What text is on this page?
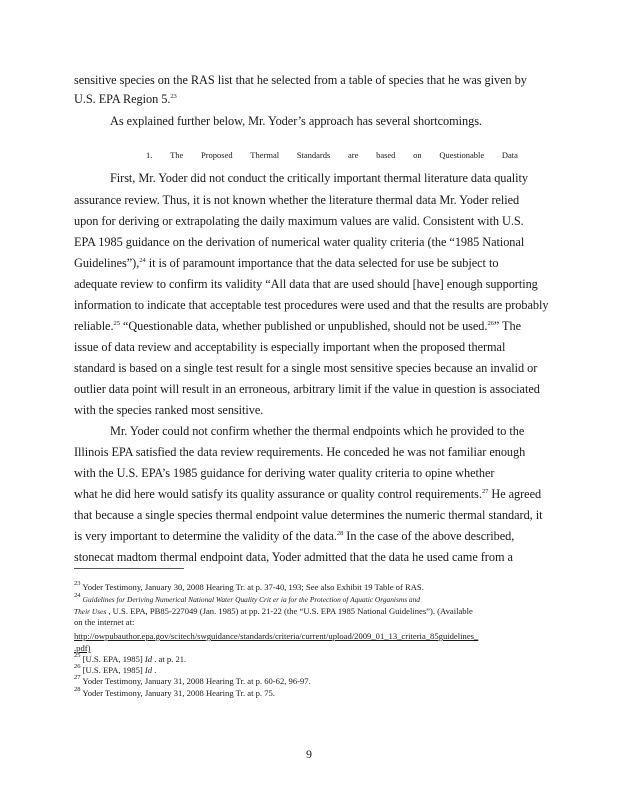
sensitive species on the RAS list that he selected from a table of species that he was given by
U.S. EPA Region 5.23
As explained further below, Mr. Yoder’s approach has several shortcomings.
1. The Proposed Thermal Standards are based on Questionable Data
First, Mr. Yoder did not conduct the critically important thermal literature data quality
assurance review. Thus, it is not known whether the literature thermal data Mr. Yoder relied
upon for deriving or extrapolating the daily maximum values are valid. Consistent with U.S.
EPA 1985 guidance on the derivation of numerical water quality criteria (the “1985 National
Guidelines”),$^{24}$ it is of paramount importance that the data selected for use be subject to
adequate review to confirm its validity “All data that are used should [have] enough supporting
information to indicate that acceptable test procedures were used and that the results are probably
reliable.$^{25}$ “Questionable data, whether published or unpublished, should not be used.$^{26}$” The
issue of data review and acceptability is especially important when the proposed thermal
standard is based on a single test result for a single most sensitive species because an invalid or
outlier data point will result in an erroneous, arbitrary limit if the value in question is associated
with the species ranked most sensitive.
Mr. Yoder could not confirm whether the thermal endpoints which he provided to the
Illinois EPA satisfied the data review requirements. He conceded he was not familiar enough
with the U.S. EPA’s 1985 guidance for deriving water quality criteria to opine whether
what he did here would satisfy its quality assurance or quality control requirements.$^{27}$ He agreed
that because a single species thermal endpoint value determines the numeric thermal standard, it
is very important to determine the validity of the data.$^{28}$ In the case of the above described,
stonecat madtom thermal endpoint data, Yoder admitted that the data he used came from a
$^{23}$ Yoder Testimony, January 30, 2008 Hearing Tr. at p. 37-40, 193; See also Exhibit 19 Table of RAS.
$^{24}$ Guidelines for Deriving Numerical National Water Quality Crit er ia for the Protection of Aquatic Organisms and
Their Uses , U.S. EPA, PB85-227049 (Jan. 1985) at pp. 21-22 (the “U.S. EPA 1985 National Guidelines”). (Available
on the internet at:
http://owpubauthor.epa.gov/scitech/swguidance/standards/criteria/current/upload/2009_01_13_criteria_85guidelines_
.pdf)
$^{25}$ [U.S. EPA, 1985] Id . at p. 21.
$^{26}$ [U.S. EPA, 1985] Id .
$^{27}$ Yoder Testimony, January 31, 2008 Hearing Tr. at p. 60-62, 96-97.
$^{28}$ Yoder Testimony, January 31, 2008 Hearing Tr. at p. 75.
9
